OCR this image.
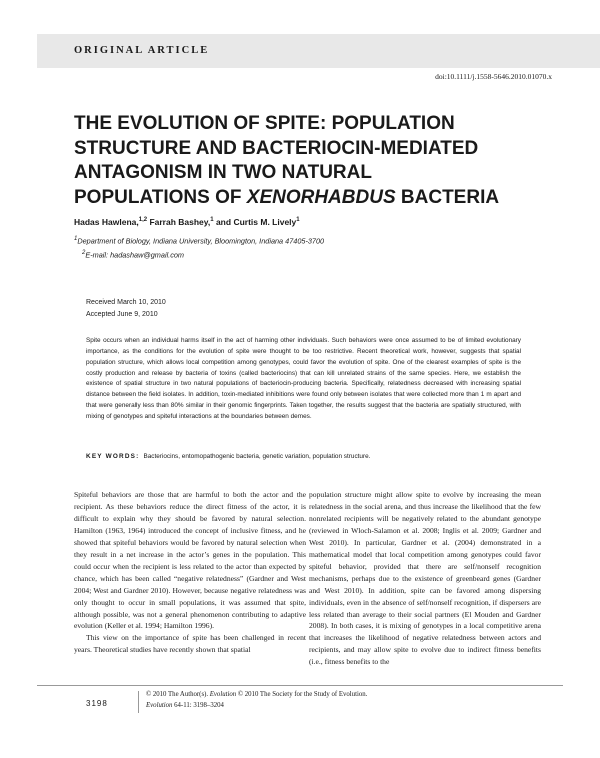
ORIGINAL ARTICLE
doi:10.1111/j.1558-5646.2010.01070.x
THE EVOLUTION OF SPITE: POPULATION
STRUCTURE AND BACTERIOCIN-MEDIATED
ANTAGONISM IN TWO NATURAL
POPULATIONS OF XENORHABDUS BACTERIA
Hadas Hawlena,$^{1,2}$ Farrah Bashey,$^1$ and Curtis M. Lively$^1$
$^1$Department of Biology, Indiana University, Bloomington, Indiana 47405-3700
$^2$E-mail: hadashaw@gmail.com
Received March 10, 2010
Accepted June 9, 2010
Spite occurs when an individual harms itself in the act of harming other individuals. Such behaviors were once assumed to be of limited evolutionary importance, as the conditions for the evolution of spite were thought to be too restrictive. Recent theoretical work, however, suggests that spatial population structure, which allows local competition among genotypes, could favor the evolution of spite. One of the clearest examples of spite is the costly production and release by bacteria of toxins (called bacteriocins) that can kill unrelated strains of the same species. Here, we establish the existence of spatial structure in two natural populations of bacteriocin-producing bacteria. Specifically, relatedness decreased with increasing spatial distance between the field isolates. In addition, toxin-mediated inhibitions were found only between isolates that were collected more than 1 m apart and that were generally less than 80% similar in their genomic fingerprints. Taken together, the results suggest that the bacteria are spatially structured, with mixing of genotypes and spiteful interactions at the boundaries between demes.
KEY WORDS: Bacteriocins, entomopathogenic bacteria, genetic variation, population structure.

Spiteful behaviors are those that are harmful to both the actor and the recipient. As these behaviors reduce the direct fitness of the actor, it is difficult to explain why they should be favored by natural selection. Hamilton (1963, 1964) introduced the concept of inclusive fitness, and he showed that spiteful behaviors would be favored by natural selection when they result in a net increase in the actor’s genes in the population. This could occur when the recipient is less related to the actor than expected by chance, which has been called “negative relatedness” (Gardner and West 2004; West and Gardner 2010). However, because negative relatedness was only thought to occur in small populations, it was assumed that spite, although possible, was not a general phenomenon contributing to adaptive evolution (Keller et al. 1994; Hamilton 1996).

This view on the importance of spite has been challenged in recent years. Theoretical studies have recently shown that spatial

population structure might allow spite to evolve by increasing the mean relatedness in the social arena, and thus increase the likelihood that the few nonrelated recipients will be negatively related to the abundant genotype (reviewed in Wloch-Salamon et al. 2008; Inglis et al. 2009; Gardner and West 2010). In particular, Gardner et al. (2004) demonstrated in a mathematical model that local competition among genotypes could favor spiteful behavior, provided that there are self/nonself recognition mechanisms, perhaps due to the existence of greenbeard genes (Gardner and West 2010). In addition, spite can be favored among dispersing individuals, even in the absence of self/nonself recognition, if dispersers are less related than average to their social partners (El Mouden and Gardner 2008). In both cases, it is mixing of genotypes in a local competitive arena that increases the likelihood of negative relatedness between actors and recipients, and may allow spite to evolve due to indirect fitness benefits (i.e., fitness benefits to the

3198
© 2010 The Author(s). Evolution © 2010 The Society for the Study of Evolution.
Evolution 64-11: 3198–3204
